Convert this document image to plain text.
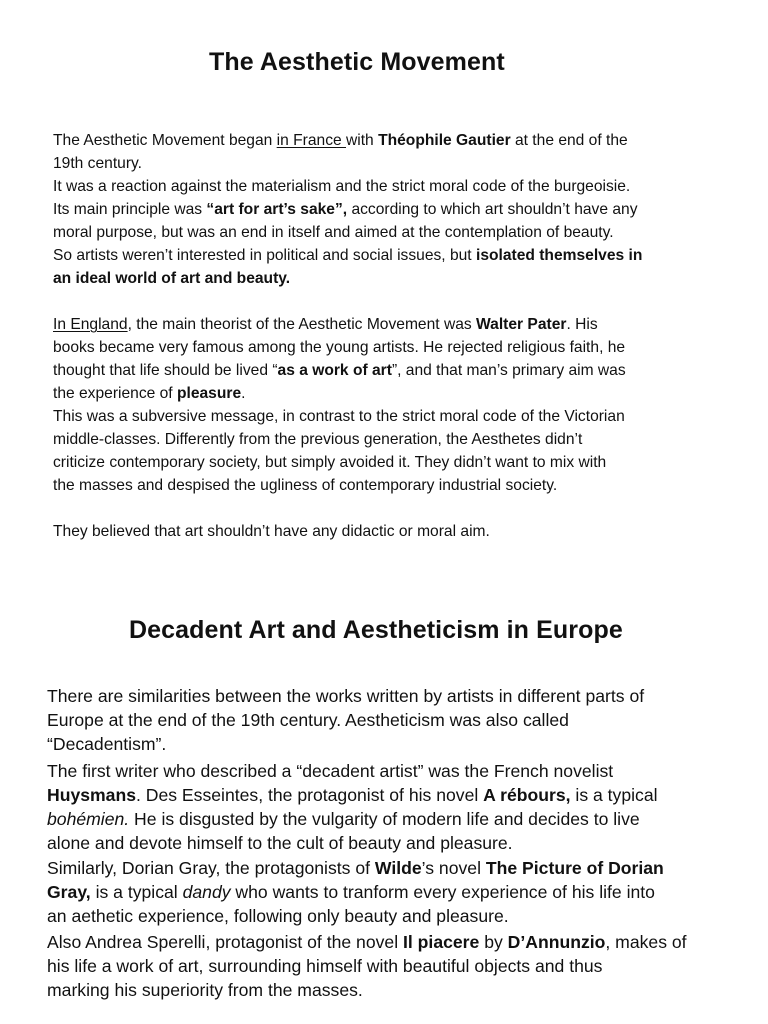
The Aesthetic Movement
The Aesthetic Movement began in France with Théophile Gautier at the end of the
19th century.
It was a reaction against the materialism and the strict moral code of the burgeoisie.
Its main principle was “art for art’s sake”, according to which art shouldn’t have any
moral purpose, but was an end in itself and aimed at the contemplation of beauty.
So artists weren’t interested in political and social issues, but isolated themselves in
an ideal world of art and beauty.
In England, the main theorist of the Aesthetic Movement was Walter Pater. His
books became very famous among the young artists. He rejected religious faith, he
thought that life should be lived “as a work of art”, and that man’s primary aim was
the experience of pleasure.
This was a subversive message, in contrast to the strict moral code of the Victorian
middle-classes. Differently from the previous generation, the Aesthetes didn’t
criticize contemporary society, but simply avoided it. They didn’t want to mix with
the masses and despised the ugliness of contemporary industrial society.
They believed that art shouldn’t have any didactic or moral aim.
Decadent Art and Aestheticism in Europe
There are similarities between the works written by artists in different parts of
Europe at the end of the 19th century. Aestheticism was also called
“Decadentism”.
The first writer who described a “decadent artist” was the French novelist
Huysmans. Des Esseintes, the protagonist of his novel A rébours, is a typical
bohémien. He is disgusted by the vulgarity of modern life and decides to live
alone and devote himself to the cult of beauty and pleasure.
Similarly, Dorian Gray, the protagonists of Wilde’s novel The Picture of Dorian
Gray, is a typical dandy who wants to tranform every experience of his life into
an aethetic experience, following only beauty and pleasure.
Also Andrea Sperelli, protagonist of the novel Il piacere by D’Annunzio, makes of
his life a work of art, surrounding himself with beautiful objects and thus
marking his superiority from the masses.
